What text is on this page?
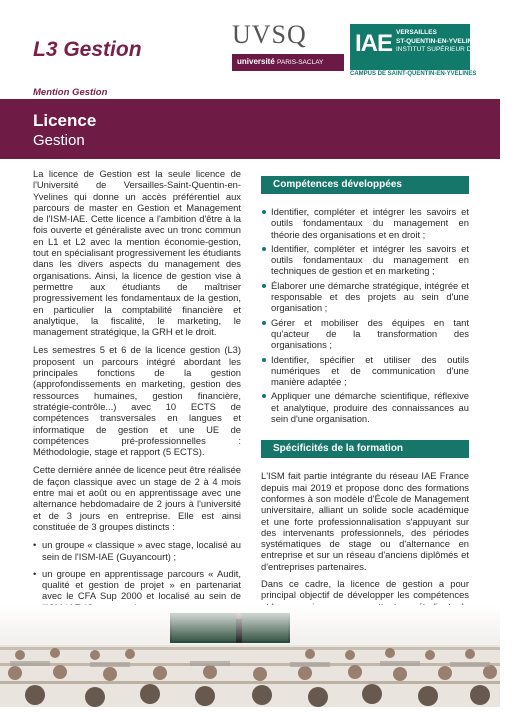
L3 Gestion
Mention Gestion
UVSQ
université PARIS-SACLAY
IAE VERSAILLES
ST-QUENTIN-EN-YVELINES
INSTITUT SUPÉRIEUR DE MANAGEMENT
CAMPUS DE SAINT-QUENTIN-EN-YVELINES
Licence
Gestion

La licence de Gestion est la seule licence de l'Université de Versailles-Saint-Quentin-en-Yvelines qui donne un accès préférentiel aux parcours de master en Gestion et Management de l'ISM-IAE. Cette licence a l'ambition d'être à la fois ouverte et généraliste avec un tronc commun en L1 et L2 avec la mention économie-gestion, tout en spécialisant progressivement les étudiants dans les divers aspects du management des organisations. Ainsi, la licence de gestion vise à permettre aux étudiants de maîtriser progressivement les fondamentaux de la gestion, en particulier la comptabilité financière et analytique, la fiscalité, le marketing, le management stratégique, la GRH et le droit.

Les semestres 5 et 6 de la licence gestion (L3) proposent un parcours intégré abordant les principales fonctions de la gestion (approfondissements en marketing, gestion des ressources humaines, gestion financière, stratégie-contrôle...) avec 10 ECTS de compétences transversales en langues et informatique de gestion et une UE de compétences pré-professionnelles : Méthodologie, stage et rapport (5 ECTS).

Cette dernière année de licence peut être réalisée de façon classique avec un stage de 2 à 4 mois entre mai et août ou en apprentissage avec une alternance hebdomadaire de 2 jours à l'université et de 3 jours en entreprise. Elle est ainsi constituée de 3 groupes distincts :

• un groupe « classique » avec stage, localisé au sein de l'ISM-IAE (Guyancourt) ;
• un groupe en apprentissage parcours « Audit, qualité et gestion de projet » en partenariat avec le CFA Sup 2000 et localisé au sein de
•
Compétences développées
Identifier, compléter et intégrer les savoirs et outils fondamentaux du management en théorie des organisations et en droit ;
Identifier, compléter et intégrer les savoirs et outils fondamentaux du management en techniques de gestion et en marketing ;
Élaborer une démarche stratégique, intégrée et responsable et des projets au sein d'une organisation ;
Gérer et mobiliser des équipes en tant qu'acteur de la transformation des organisations ;
Identifier, spécifier et utiliser des outils numériques et de communication d'une manière adaptée ;
Appliquer une démarche scientifique, réflexive et analytique, produire des connaissances au sein d'une organisation.
Spécificités de la formation

L'ISM fait partie intégrante du réseau IAE France depuis mai 2019 et propose donc des formations conformes à son modèle d'École de Management universitaire, alliant un solide socle académique et une forte professionnalisation s'appuyant sur des intervenants professionnels, des périodes systématiques de stage ou d'alternance en entreprise et sur un réseau d'anciens diplômés et d'entreprises partenaires.

Dans ce cadre, la licence de gestion a pour principal objectif de développer les compétences
